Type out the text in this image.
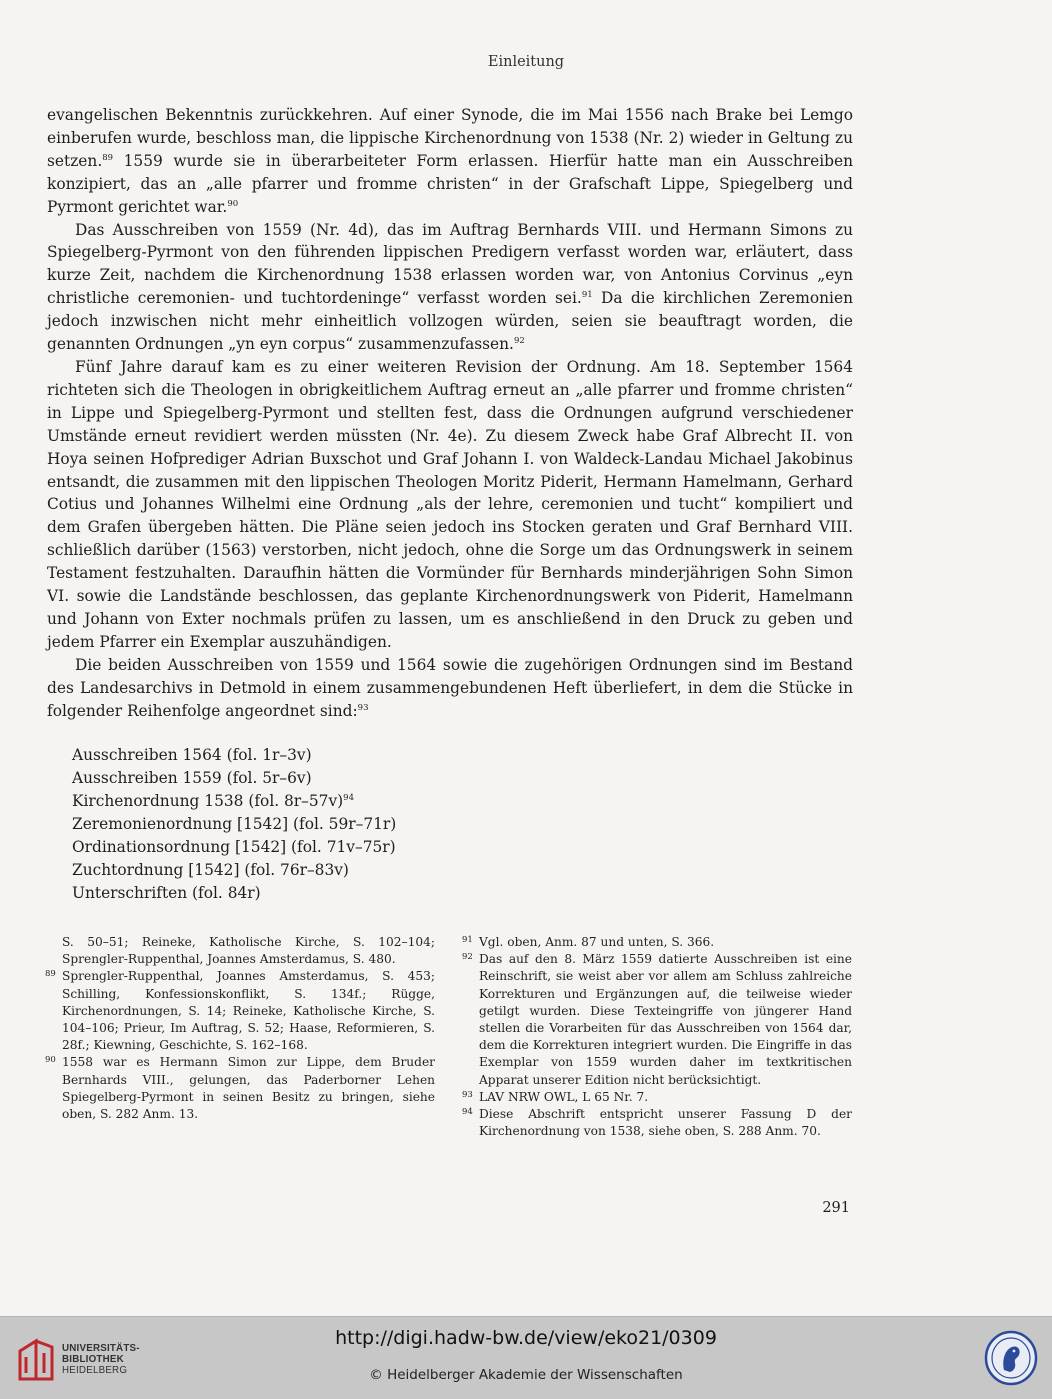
Einleitung

evangelischen Bekenntnis zurückkehren. Auf einer Synode, die im Mai 1556 nach Brake bei Lemgo einberufen wurde, beschloss man, die lippische Kirchenordnung von 1538 (Nr. 2) wieder in Geltung zu setzen.$^{89}$ 1559 wurde sie in überarbeiteter Form erlassen. Hierfür hatte man ein Ausschreiben konzipiert, das an „alle pfarrer und fromme christen“ in der Grafschaft Lippe, Spiegelberg und Pyrmont gerichtet war.$^{90}$

Das Ausschreiben von 1559 (Nr. 4d), das im Auftrag Bernhards VIII. und Hermann Simons zu Spiegelberg-Pyrmont von den führenden lippischen Predigern verfasst worden war, erläutert, dass kurze Zeit, nachdem die Kirchenordnung 1538 erlassen worden war, von Antonius Corvinus „eyn christliche ceremonien- und tuchtordeninge“ verfasst worden sei.$^{91}$ Da die kirchlichen Zeremonien jedoch inzwischen nicht mehr einheitlich vollzogen würden, seien sie beauftragt worden, die genannten Ordnungen „yn eyn corpus“ zusammenzufassen.$^{92}$

Fünf Jahre darauf kam es zu einer weiteren Revision der Ordnung. Am 18. September 1564 richteten sich die Theologen in obrigkeitlichem Auftrag erneut an „alle pfarrer und fromme christen“ in Lippe und Spiegelberg-Pyrmont und stellten fest, dass die Ordnungen aufgrund verschiedener Umstände erneut revidiert werden müssten (Nr. 4e). Zu diesem Zweck habe Graf Albrecht II. von Hoya seinen Hofprediger Adrian Buxschot und Graf Johann I. von Waldeck-Landau Michael Jakobinus entsandt, die zusammen mit den lippischen Theologen Moritz Piderit, Hermann Hamelmann, Gerhard Cotius und Johannes Wilhelmi eine Ordnung „als der lehre, ceremonien und tucht“ kompiliert und dem Grafen übergeben hätten. Die Pläne seien jedoch ins Stocken geraten und Graf Bernhard VIII. schließlich darüber (1563) verstorben, nicht jedoch, ohne die Sorge um das Ordnungswerk in seinem Testament festzuhalten. Daraufhin hätten die Vormünder für Bernhards minderjährigen Sohn Simon VI. sowie die Landstände beschlossen, das geplante Kirchenordnungswerk von Piderit, Hamelmann und Johann von Exter nochmals prüfen zu lassen, um es anschließend in den Druck zu geben und jedem Pfarrer ein Exemplar auszuhändigen.

Die beiden Ausschreiben von 1559 und 1564 sowie die zugehörigen Ordnungen sind im Bestand des Landesarchivs in Detmold in einem zusammengebundenen Heft überliefert, in dem die Stücke in folgender Reihenfolge angeordnet sind:$^{93}$

Ausschreiben 1564 (fol. 1r–3v)
Ausschreiben 1559 (fol. 5r–6v)
Kirchenordnung 1538 (fol. 8r–57v)$^{94}$
Zeremonienordnung [1542] (fol. 59r–71r)
Ordinationsordnung [1542] (fol. 71v–75r)
Zuchtordnung [1542] (fol. 76r–83v)
Unterschriften (fol. 84r)

S. 50–51; Reineke, Katholische Kirche, S. 102–104; Sprengler-Ruppenthal, Joannes Amsterdamus, S. 480.

89 Sprengler-Ruppenthal, Joannes Amsterdamus, S. 453; Schilling, Konfessionskonflikt, S. 134f.; Rügge, Kirchenordnungen, S. 14; Reineke, Katholische Kirche, S. 104–106; Prieur, Im Auftrag, S. 52; Haase, Reformieren, S. 28f.; Kiewning, Geschichte, S. 162–168.

90 1558 war es Hermann Simon zur Lippe, dem Bruder Bernhards VIII., gelungen, das Paderborner Lehen Spiegelberg-Pyrmont in seinen Besitz zu bringen, siehe oben, S. 282 Anm. 13.

91 Vgl. oben, Anm. 87 und unten, S. 366.

92 Das auf den 8. März 1559 datierte Ausschreiben ist eine Reinschrift, sie weist aber vor allem am Schluss zahlreiche Korrekturen und Ergänzungen auf, die teilweise wieder getilgt wurden. Diese Texteingriffe von jüngerer Hand stellen die Vorarbeiten für das Ausschreiben von 1564 dar, dem die Korrekturen integriert wurden. Die Eingriffe in das Exemplar von 1559 wurden daher im textkritischen Apparat unserer Edition nicht berücksichtigt.

93 LAV NRW OWL, L 65 Nr. 7.

94 Diese Abschrift entspricht unserer Fassung D der Kirchenordnung von 1538, siehe oben, S. 288 Anm. 70.

291
UNIVERSITÄTS-
BIBLIOTHEK
HEIDELBERG
http://digi.hadw-bw.de/view/eko21/0309
© Heidelberger Akademie der Wissenschaften
